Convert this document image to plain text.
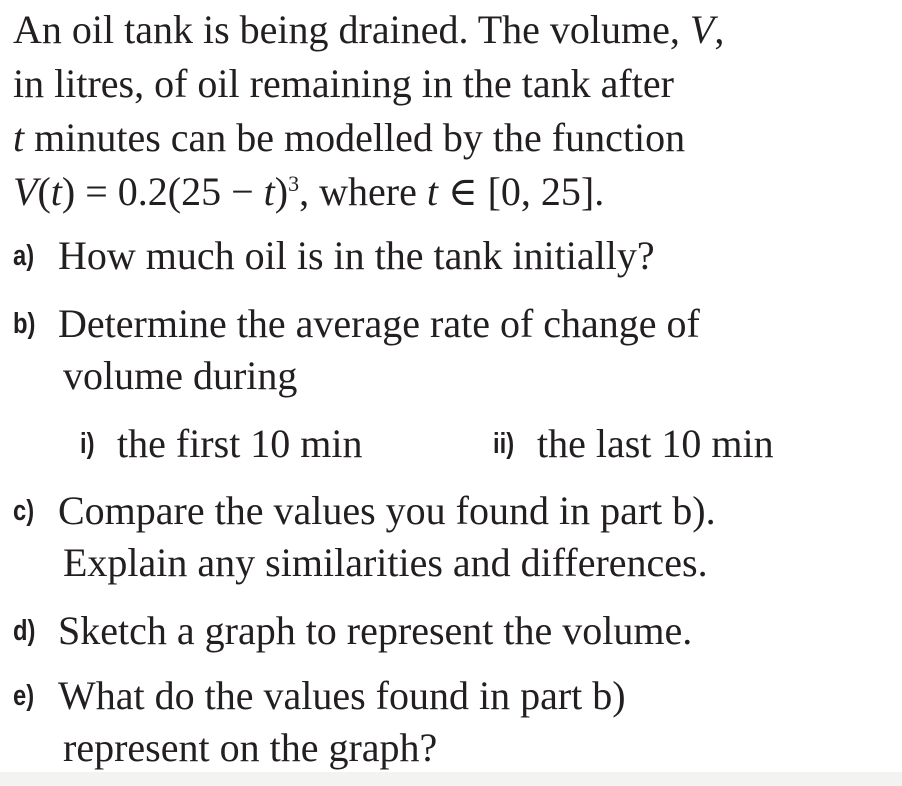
An oil tank is being drained. The volume, V,
in litres, of oil remaining in the tank after
t minutes can be modelled by the function
$V(t) = 0.2(25 - t)^3$, where t ∈ [0, 25].
a) How much oil is in the tank initially?
b) Determine the average rate of change of
volume during
i) the first 10 min	ii) the last 10 min
c) Compare the values you found in part b).
Explain any similarities and differences.
d) Sketch a graph to represent the volume.
e) What do the values found in part b)
represent on the graph?
